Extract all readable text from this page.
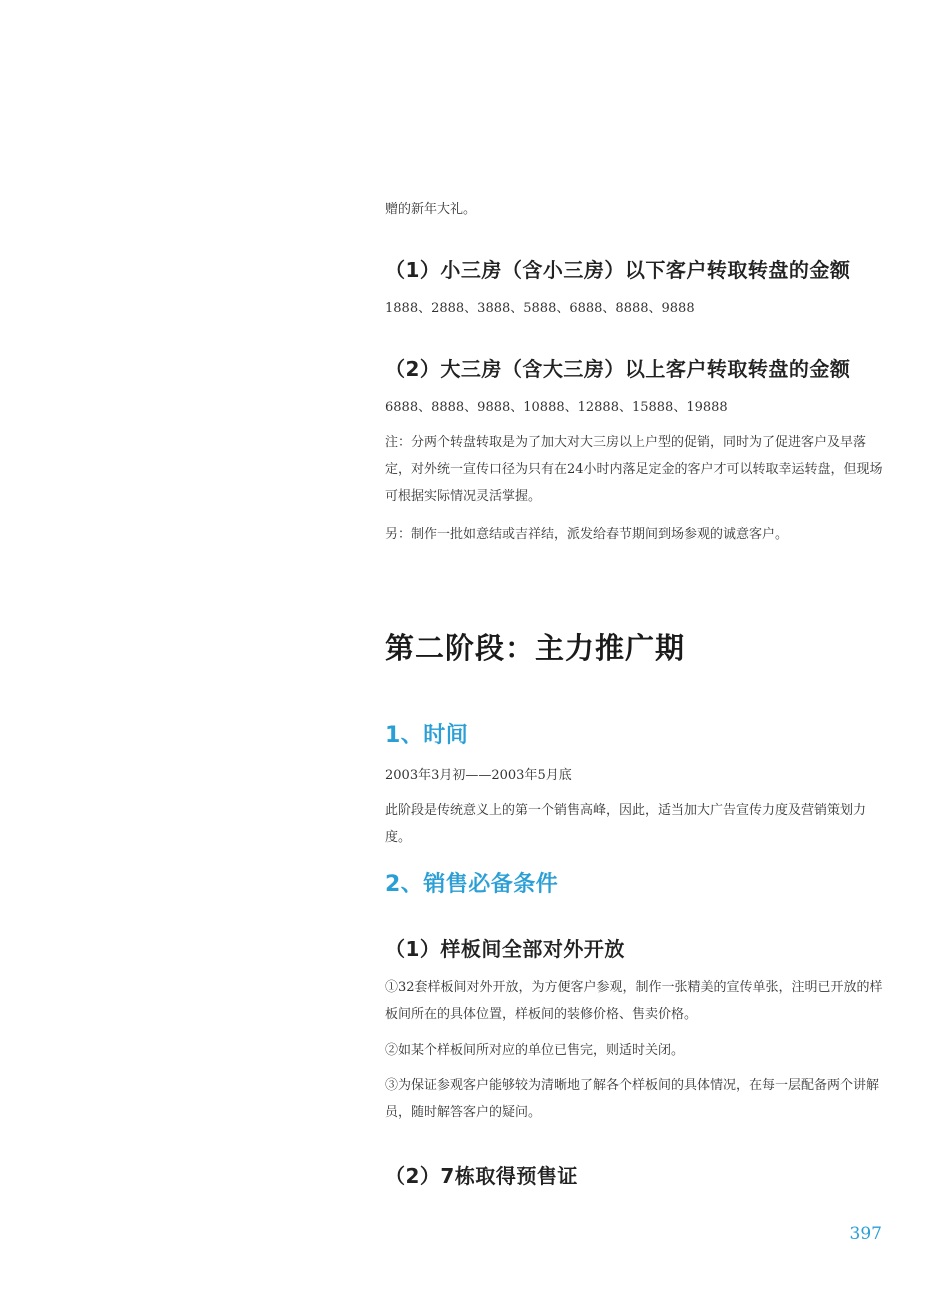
赠的新年大礼。

（1）小三房（含小三房）以下客户转取转盘的金额

1888、2888、3888、5888、6888、8888、9888

（2）大三房（含大三房）以上客户转取转盘的金额

6888、8888、9888、10888、12888、15888、19888

注：分两个转盘转取是为了加大对大三房以上户型的促销，同时为了促进客户及早落定，对外统一宣传口径为只有在24小时内落足定金的客户才可以转取幸运转盘，但现场可根据实际情况灵活掌握。

另：制作一批如意结或吉祥结，派发给春节期间到场参观的诚意客户。

第二阶段：主力推广期
1、时间

2003年3月初——2003年5月底

此阶段是传统意义上的第一个销售高峰，因此，适当加大广告宣传力度及营销策划力度。

2、销售必备条件
（1）样板间全部对外开放

①32套样板间对外开放，为方便客户参观，制作一张精美的宣传单张，注明已开放的样板间所在的具体位置，样板间的装修价格、售卖价格。

②如某个样板间所对应的单位已售完，则适时关闭。

③为保证参观客户能够较为清晰地了解各个样板间的具体情况，在每一层配备两个讲解员，随时解答客户的疑问。

（2）7栋取得预售证
397
